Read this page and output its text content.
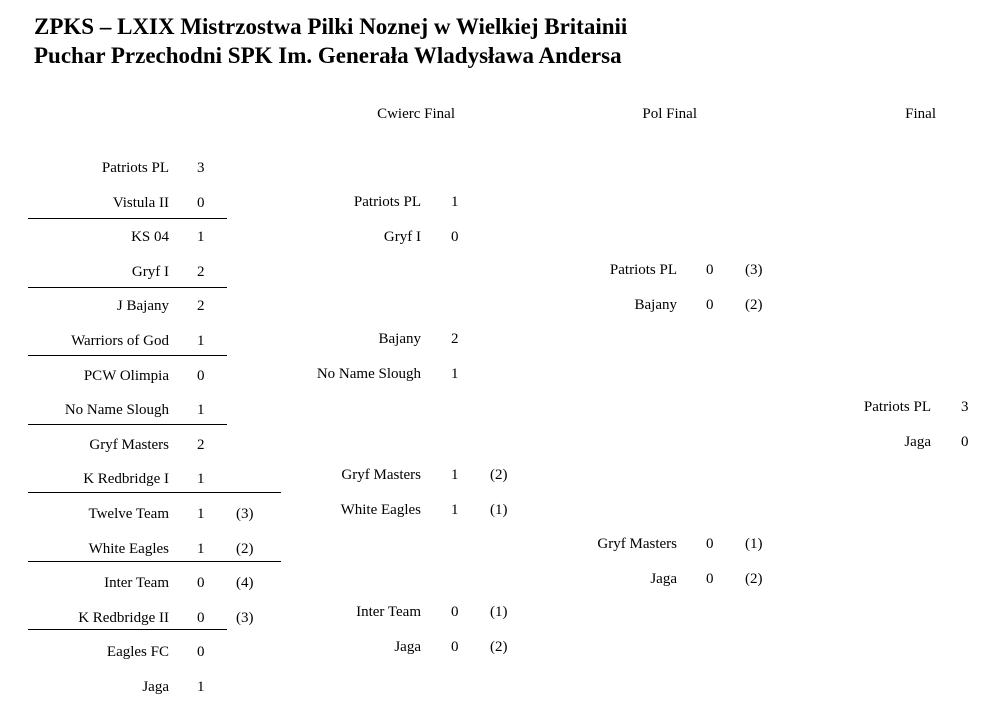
ZPKS – LXIX Mistrzostwa Pilki Noznej w Wielkiej Britainii
Puchar Przechodni SPK Im. Generała Wladysława Andersa
Cwierc Final	Pol Final	Final
Patriots PL 3
Vistula II 0
KS 04 1
Gryf I 2
J Bajany 2
Warriors of God 1
PCW Olimpia 0
No Name Slough 1
Gryf Masters 2
K Redbridge I 1
Twelve Team 1 (3)
White Eagles 1 (2)
Inter Team 0 (4)
K Redbridge II 0 (3)
Eagles FC 0
Jaga 1
Patriots PL 1
Gryf I 0
Bajany 2
No Name Slough 1
Gryf Masters 1 (2)
White Eagles 1 (1)
Inter Team 0 (1)
Jaga 0 (2)
Patriots PL 0 (3)
Bajany 0 (2)
Gryf Masters 0 (1)
Jaga 0 (2)
Patriots PL 3
Jaga 0
